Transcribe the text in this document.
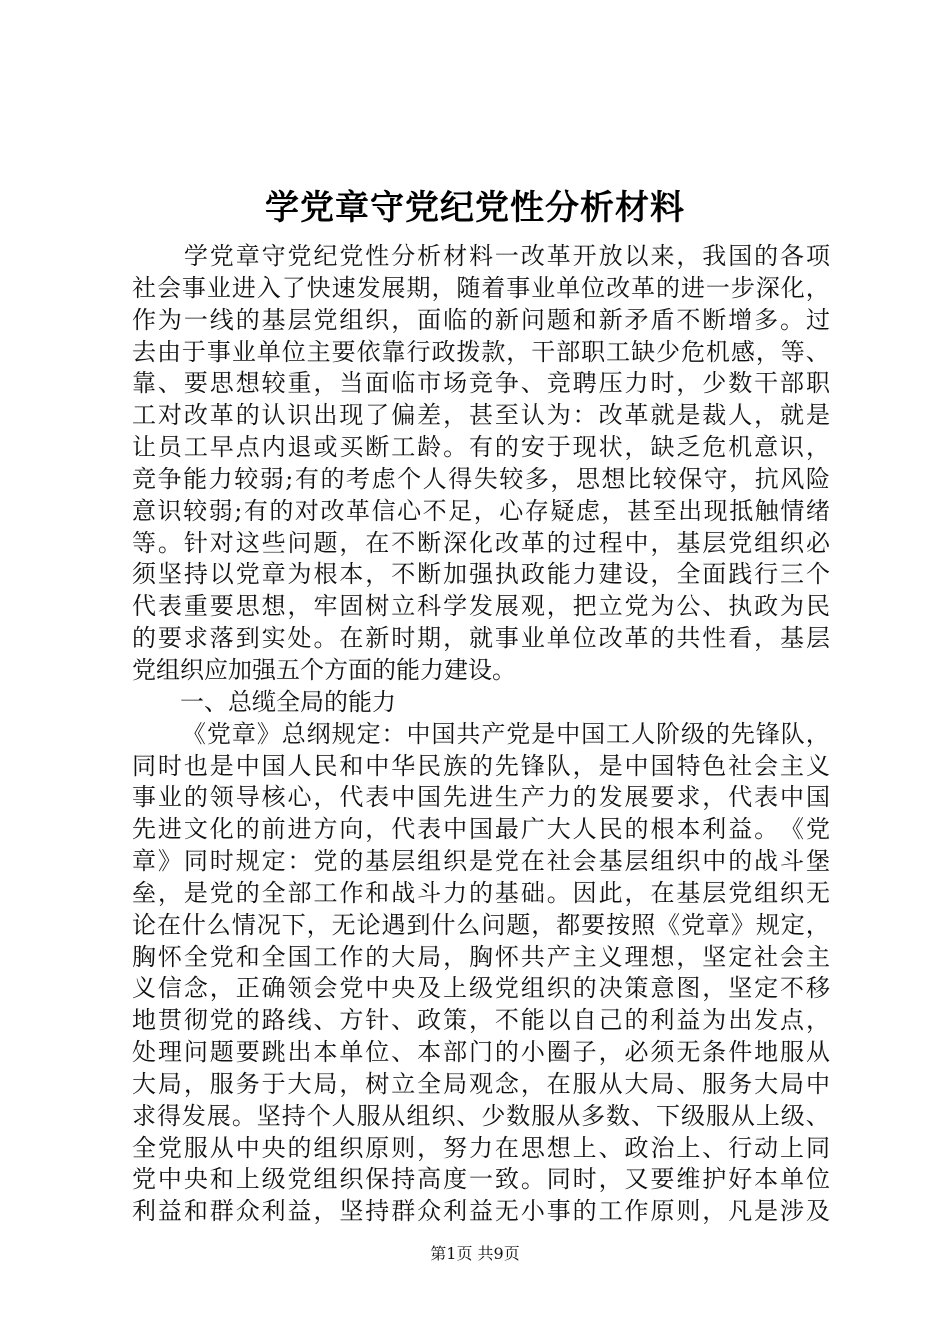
学党章守党纪党性分析材料

学 党 章 守 党 纪 党 性 分 析 材 料 一 改 革 开 放 以 来 ， 我 国 的 各 项
社 会 事 业 进 入 了 快 速 发 展 期 ， 随 着 事 业 单 位 改 革 的 进 一 步 深 化 ，
作 为 一 线 的 基 层 党 组 织 ， 面 临 的 新 问 题 和 新 矛 盾 不 断 增 多 。 过
去 由 于 事 业 单 位 主 要 依 靠 行 政 拨 款 ， 干 部 职 工 缺 少 危 机 感 ， 等 、
靠 、 要 思 想 较 重 ， 当 面 临 市 场 竞 争 、 竞 聘 压 力 时 ， 少 数 干 部 职
工 对 改 革 的 认 识 出 现 了 偏 差 ， 甚 至 认 为 ： 改 革 就 是 裁 人 ， 就 是
让 员 工 早 点 内 退 或 买 断 工 龄 。 有 的 安 于 现 状 ， 缺 乏 危 机 意 识 ，
竞 争 能 力 较 弱 ; 有 的 考 虑 个 人 得 失 较 多 ， 思 想 比 较 保 守 ， 抗 风 险
意 识 较 弱 ; 有 的 对 改 革 信 心 不 足 ， 心 存 疑 虑 ， 甚 至 出 现 抵 触 情 绪
等 。 针 对 这 些 问 题 ， 在 不 断 深 化 改 革 的 过 程 中 ， 基 层 党 组 织 必
须 坚 持 以 党 章 为 根 本 ， 不 断 加 强 执 政 能 力 建 设 ， 全 面 践 行 三 个
代 表 重 要 思 想 ， 牢 固 树 立 科 学 发 展 观 ， 把 立 党 为 公 、 执 政 为 民
的 要 求 落 到 实 处 。 在 新 时 期 ， 就 事 业 单 位 改 革 的 共 性 看 ， 基 层
党组织应加强五个方面的能力建设。
　　一、总缆全局的能力

《 党 章 》 总 纲 规 定 ： 中 国 共 产 党 是 中 国 工 人 阶 级 的 先 锋 队 ，
同 时 也 是 中 国 人 民 和 中 华 民 族 的 先 锋 队 ， 是 中 国 特 色 社 会 主 义
事 业 的 领 导 核 心 ， 代 表 中 国 先 进 生 产 力 的 发 展 要 求 ， 代 表 中 国
先 进 文 化 的 前 进 方 向 ， 代 表 中 国 最 广 大 人 民 的 根 本 利 益 。 《 党
章 》 同 时 规 定 ： 党 的 基 层 组 织 是 党 在 社 会 基 层 组 织 中 的 战 斗 堡
垒 ， 是 党 的 全 部 工 作 和 战 斗 力 的 基 础 。 因 此 ， 在 基 层 党 组 织 无
论 在 什 么 情 况 下 ， 无 论 遇 到 什 么 问 题 ， 都 要 按 照 《 党 章 》 规 定 ，
胸 怀 全 党 和 全 国 工 作 的 大 局 ， 胸 怀 共 产 主 义 理 想 ， 坚 定 社 会 主
义 信 念 ， 正 确 领 会 党 中 央 及 上 级 党 组 织 的 决 策 意 图 ， 坚 定 不 移
地 贯 彻 党 的 路 线 、 方 针 、 政 策 ， 不 能 以 自 己 的 利 益 为 出 发 点 ，
处 理 问 题 要 跳 出 本 单 位 、 本 部 门 的 小 圈 子 ， 必 须 无 条 件 地 服 从
大 局 ， 服 务 于 大 局 ， 树 立 全 局 观 念 ， 在 服 从 大 局 、 服 务 大 局 中
求 得 发 展 。 坚 持 个 人 服 从 组 织 、 少 数 服 从 多 数 、 下 级 服 从 上 级 、
全 党 服 从 中 央 的 组 织 原 则 ， 努 力 在 思 想 上 、 政 治 上 、 行 动 上 同
党 中 央 和 上 级 党 组 织 保 持 高 度 一 致 。 同 时 ， 又 要 维 护 好 本 单 位
利 益 和 群 众 利 益 ， 坚 持 群 众 利 益 无 小 事 的 工 作 原 则 ， 凡 是 涉 及
第1页 共9页
